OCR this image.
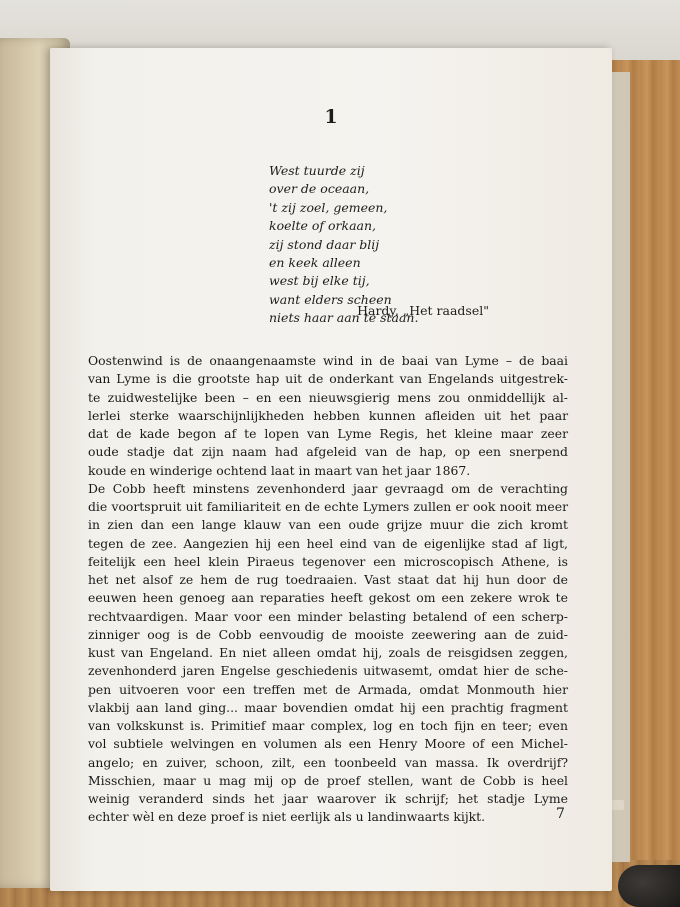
1
West tuurde zij
over de oceaan,
't zij zoel, gemeen,
koelte of orkaan,
zij stond daar blij
en keek alleen
west bij elke tij,
want elders scheen
niets haar aan te staan.
Hardy, „Het raadsel"
Oostenwind is de onaangenaamste wind in de baai van Lyme – de baai
van Lyme is die grootste hap uit de onderkant van Engelands uitgestrek-
te zuidwestelijke been – en een nieuwsgierig mens zou onmiddellijk al-
lerlei sterke waarschijnlijkheden hebben kunnen afleiden uit het paar
dat de kade begon af te lopen van Lyme Regis, het kleine maar zeer
oude stadje dat zijn naam had afgeleid van de hap, op een snerpend
koude en winderige ochtend laat in maart van het jaar 1867.
De Cobb heeft minstens zevenhonderd jaar gevraagd om de verachting
die voortspruit uit familiariteit en de echte Lymers zullen er ook nooit meer
in zien dan een lange klauw van een oude grijze muur die zich kromt
tegen de zee. Aangezien hij een heel eind van de eigenlijke stad af ligt,
feitelijk een heel klein Piraeus tegenover een microscopisch Athene, is
het net alsof ze hem de rug toedraaien. Vast staat dat hij hun door de
eeuwen heen genoeg aan reparaties heeft gekost om een zekere wrok te
rechtvaardigen. Maar voor een minder belasting betalend of een scherp-
zinniger oog is de Cobb eenvoudig de mooiste zeewering aan de zuid-
kust van Engeland. En niet alleen omdat hij, zoals de reisgidsen zeggen,
zevenhonderd jaren Engelse geschiedenis uitwasemt, omdat hier de sche-
pen uitvoeren voor een treffen met de Armada, omdat Monmouth hier
vlakbij aan land ging... maar bovendien omdat hij een prachtig fragment
van volkskunst is. Primitief maar complex, log en toch fijn en teer; even
vol subtiele welvingen en volumen als een Henry Moore of een Michel-
angelo; en zuiver, schoon, zilt, een toonbeeld van massa. Ik overdrijf?
Misschien, maar u mag mij op de proef stellen, want de Cobb is heel
weinig veranderd sinds het jaar waarover ik schrijf; het stadje Lyme
echter wèl en deze proef is niet eerlijk als u landinwaarts kijkt.	7
